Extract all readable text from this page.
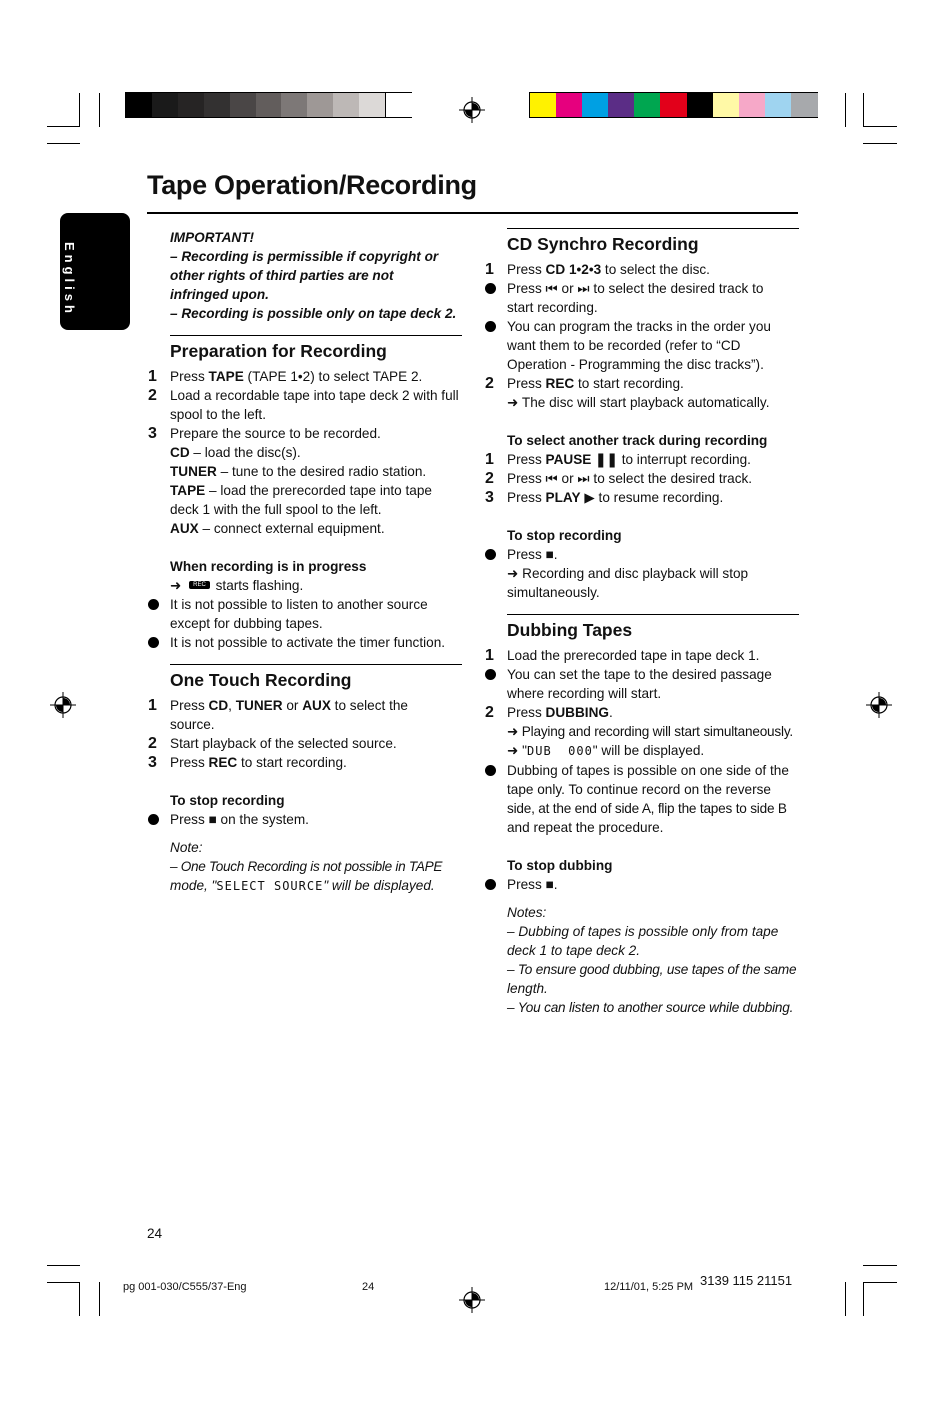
Tape Operation/Recording
English
IMPORTANT!
– Recording is permissible if copyright or
other rights of third parties are not
infringed upon.
– Recording is possible only on tape deck 2.
Preparation for Recording
1 Press TAPE (TAPE 1•2) to select TAPE 2.
2 Load a recordable tape into tape deck 2 with full
spool to the left.
3 Prepare the source to be recorded.
CD – load the disc(s).
TUNER – tune to the desired radio station.
TAPE – load the prerecorded tape into tape
deck 1 with the full spool to the left.
AUX – connect external equipment.
When recording is in progress
➜ REC starts flashing.
It is not possible to listen to another source
except for dubbing tapes.
It is not possible to activate the timer function.
One Touch Recording
1 Press CD, TUNER or AUX to select the
source.
2 Start playback of the selected source.
3 Press REC to start recording.
To stop recording
Press ■ on the system.
Note:
– One Touch Recording is not possible in TAPE
mode, "SELECT SOURCE" will be displayed.
CD Synchro Recording
1 Press CD 1•2•3 to select the disc.
Press ⏮ or ⏭ to select the desired track to
start recording.
You can program the tracks in the order you
want them to be recorded (refer to “CD
Operation - Programming the disc tracks”).
2 Press REC to start recording.
➜ The disc will start playback automatically.
To select another track during recording
1 Press PAUSE ❚❚ to interrupt recording.
2 Press ⏮ or ⏭ to select the desired track.
3 Press PLAY ▶ to resume recording.
To stop recording
Press ■.
➜ Recording and disc playback will stop
simultaneously.
Dubbing Tapes
1 Load the prerecorded tape in tape deck 1.
You can set the tape to the desired passage
where recording will start.
2 Press DUBBING.
➜ Playing and recording will start simultaneously.
➜ "DUB  000" will be displayed.
Dubbing of tapes is possible on one side of the
tape only. To continue record on the reverse
side, at the end of side A, flip the tapes to side B
and repeat the procedure.
To stop dubbing
Press ■.
Notes:
– Dubbing of tapes is possible only from tape
deck 1 to tape deck 2.
– To ensure good dubbing, use tapes of the same
length.
– You can listen to another source while dubbing.
24
pg 001-030/C555/37-Eng	24	12/11/01, 5:25 PM 3139 115 21151
